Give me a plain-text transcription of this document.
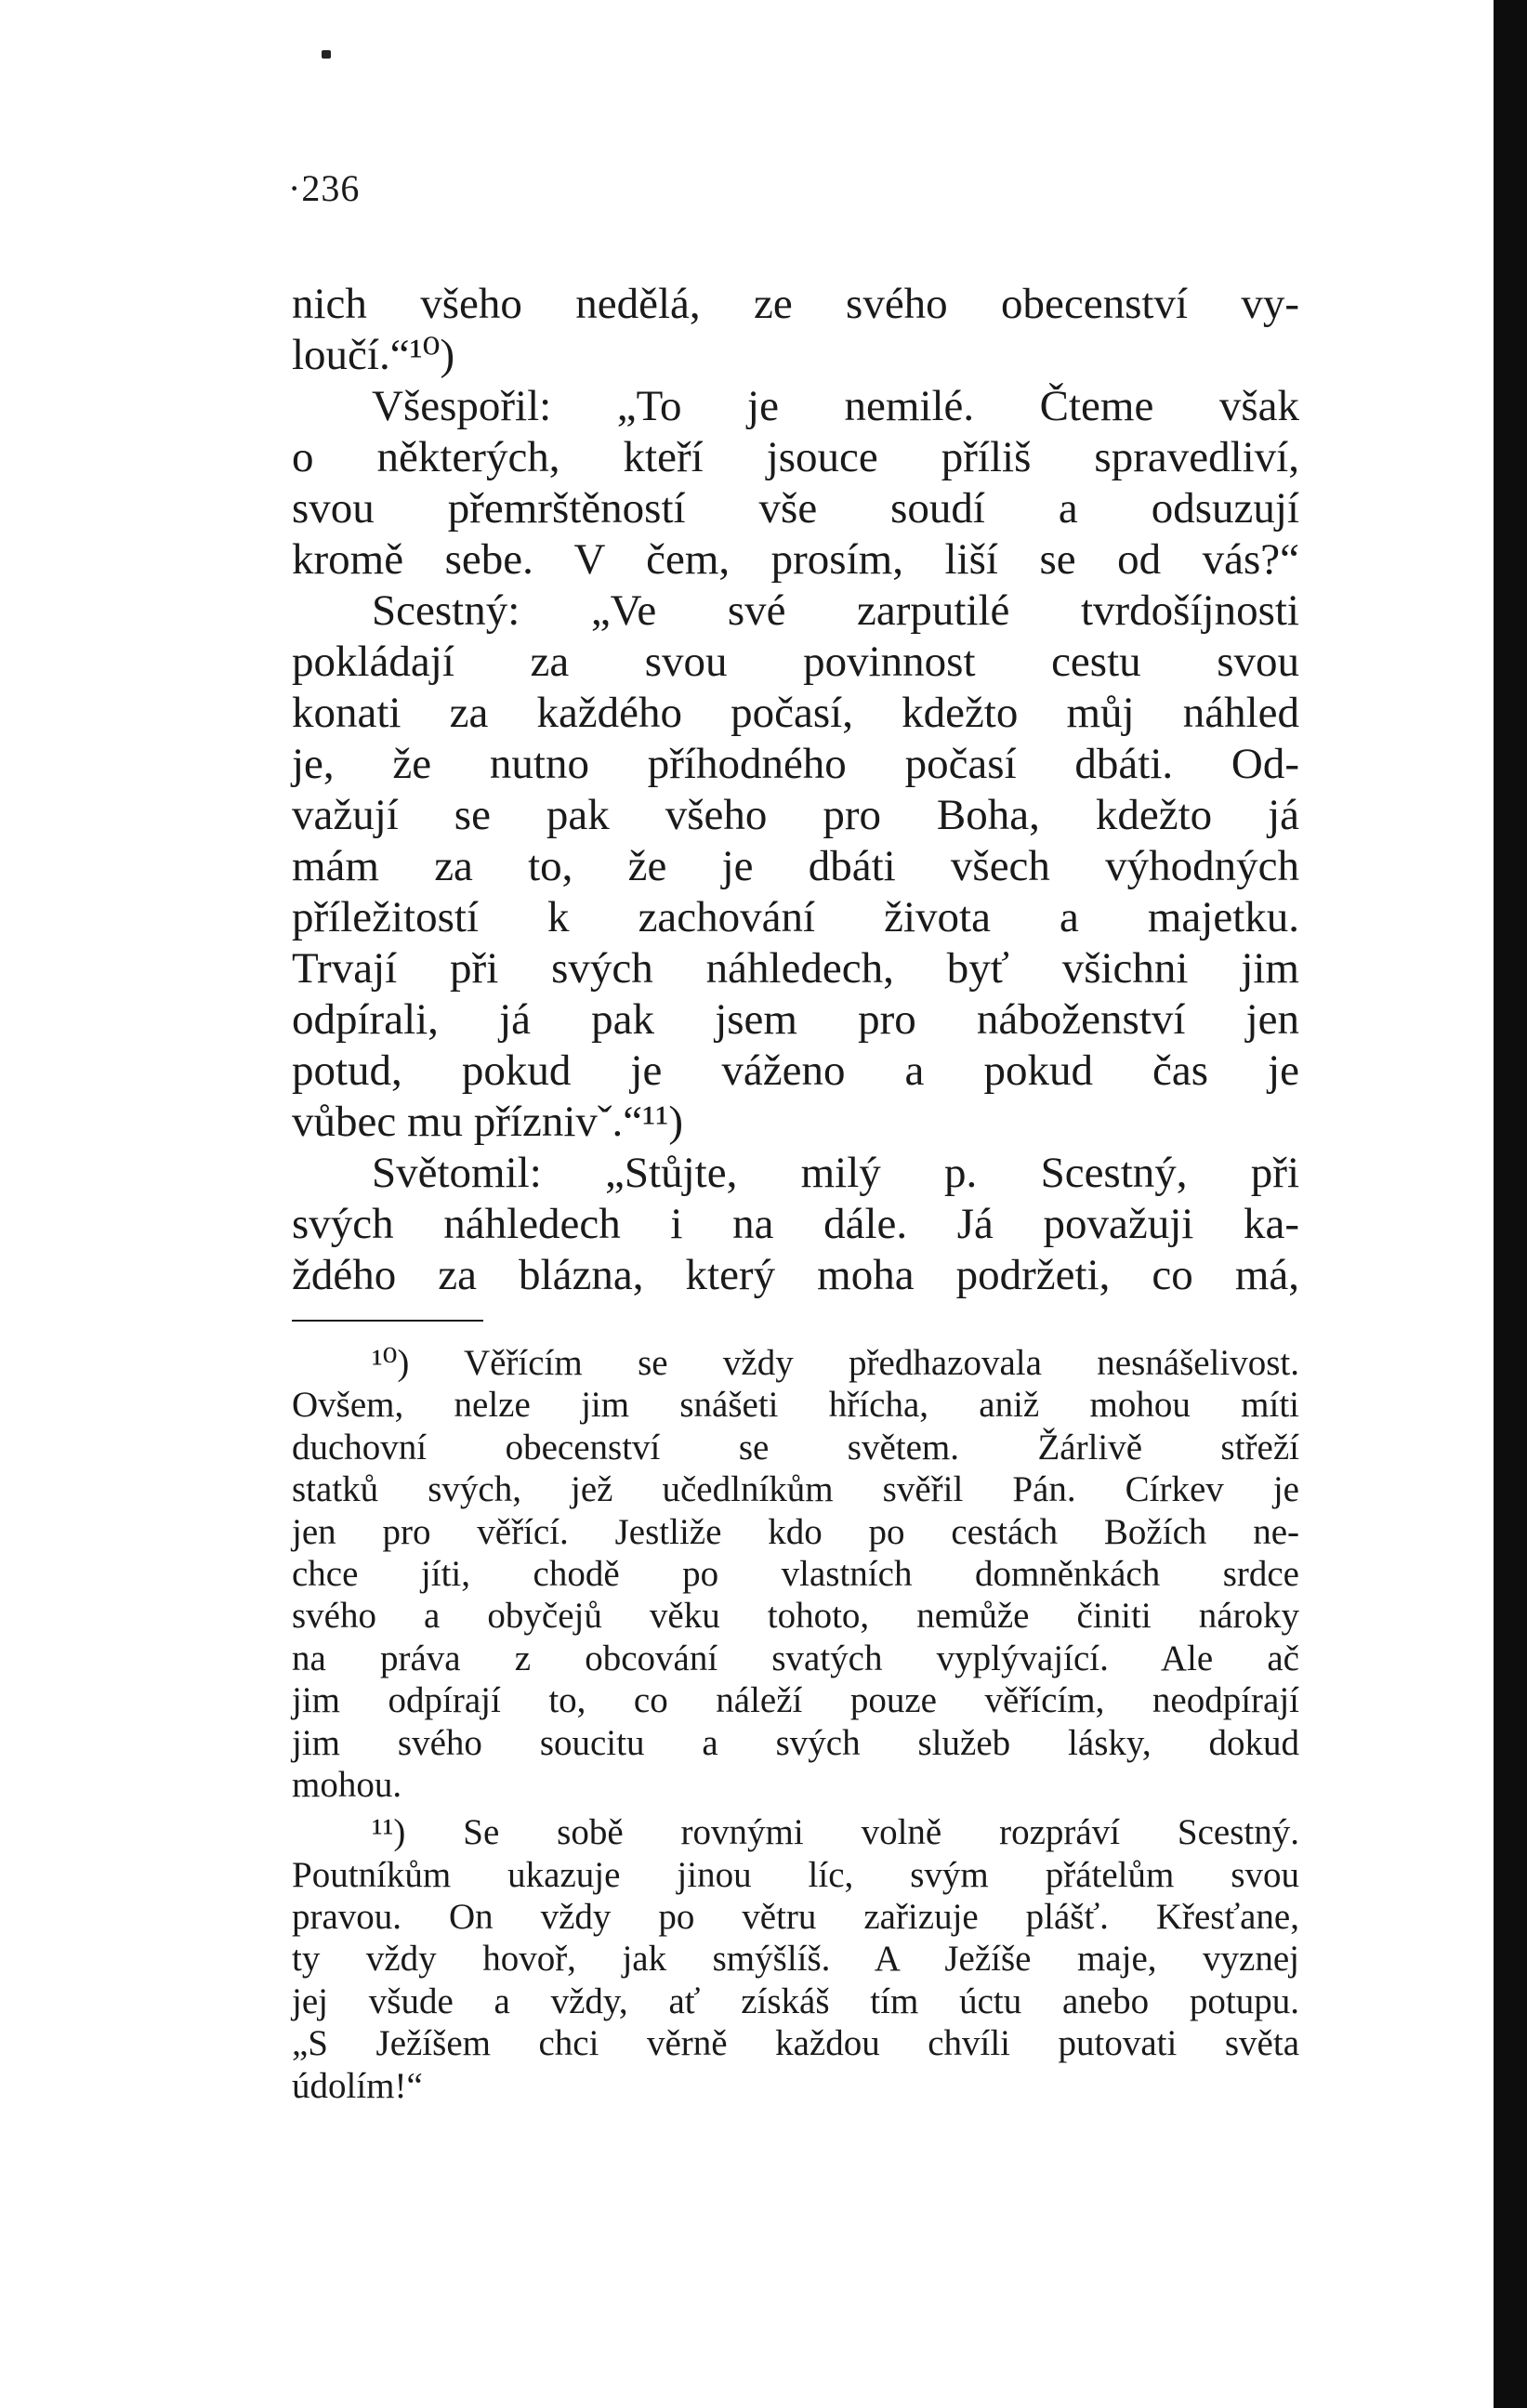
·236
nich všeho nedělá, ze svého obecenství vy-
loučí.“¹⁰)
Všespořil: „To je nemilé. Čteme však
o některých, kteří jsouce příliš spravedliví,
svou přemrštěností vše soudí a odsuzují
kromě sebe. V čem, prosím, liší se od vás?“
Scestný: „Ve své zarputilé tvrdošíjnosti
pokládají za svou povinnost cestu svou
konati za každého počasí, kdežto můj náhled
je, že nutno příhodného počasí dbáti. Od-
važují se pak všeho pro Boha, kdežto já
mám za to, že je dbáti všech výhodných
příležitostí k zachování života a majetku.
Trvají při svých náhledech, byť všichni jim
odpírali, já pak jsem pro náboženství jen
potud, pokud je váženo a pokud čas je
vůbec mu příznivˇ.“¹¹)
Světomil: „Stůjte, milý p. Scestný, při
svých náhledech i na dále. Já považuji ka-
ždého za blázna, který moha podržeti, co má,
¹⁰) Věřícím se vždy předhazovala nesnášelivost.
Ovšem, nelze jim snášeti hřícha, aniž mohou míti
duchovní obecenství se světem. Žárlivě střeží
statků svých, jež učedlníkům svěřil Pán. Církev je
jen pro věřící. Jestliže kdo po cestách Božích ne-
chce jíti, chodě po vlastních domněnkách srdce
svého a obyčejů věku tohoto, nemůže činiti nároky
na práva z obcování svatých vyplývající. Ale ač
jim odpírají to, co náleží pouze věřícím, neodpírají
jim svého soucitu a svých služeb lásky, dokud
mohou.
¹¹) Se sobě rovnými volně rozpráví Scestný.
Poutníkům ukazuje jinou líc, svým přátelům svou
pravou. On vždy po větru zařizuje plášť. Křesťane,
ty vždy hovoř, jak smýšlíš. A Ježíše maje, vyznej
jej všude a vždy, ať získáš tím úctu anebo potupu.
„S Ježíšem chci věrně každou chvíli putovati světa
údolím!“
